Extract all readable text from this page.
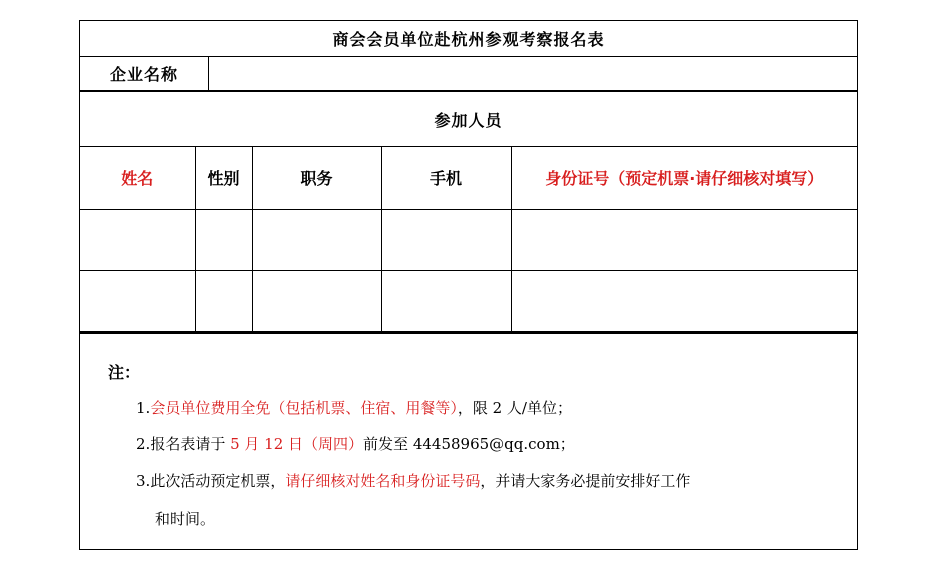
商会会员单位赴杭州参观考察报名表
企业名称
参加人员
姓名	性别	职务	手机	身份证号（预定机票·请仔细核对填写）

注：
1.会员单位费用全免（包括机票、住宿、用餐等），限 2 人/单位；
2.报名表请于 5 月 12 日（周四）前发至 44458965@qq.com；
3.此次活动预定机票，请仔细核对姓名和身份证号码，并请大家务必提前安排好工作
和时间。
